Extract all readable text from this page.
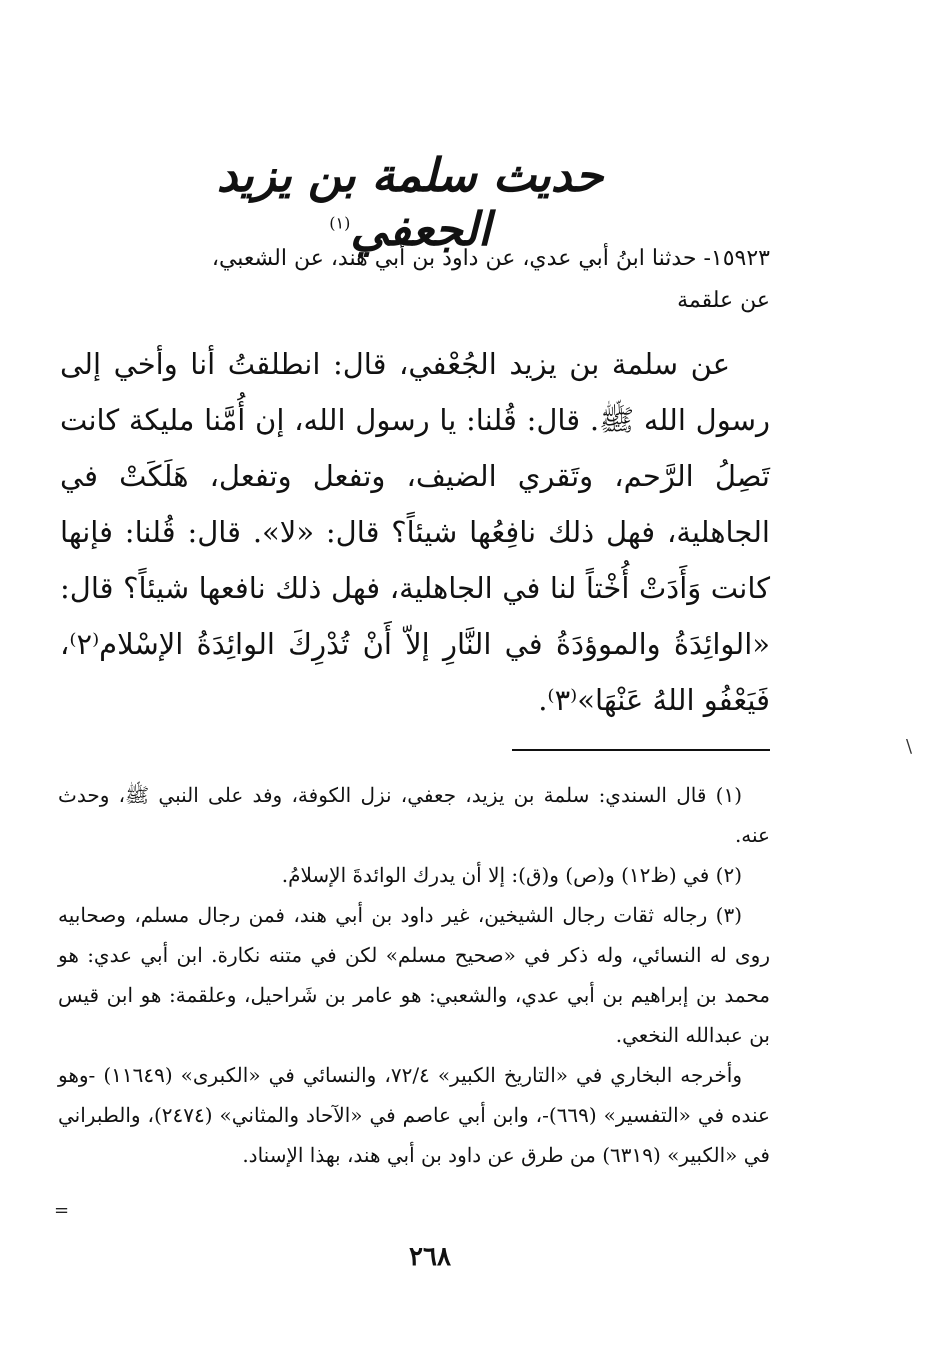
حديث سلمة بن يزيد الجعفي$^{(١)}$
١٥٩٢٣- حدثنا ابنُ أبي عدي، عن داود بن أبي هند، عن الشعبي،
عن علقمة

عن سلمة بن يزيد الجُعْفي، قال: انطلقتُ أنا وأخي إلى رسول الله ﷺ. قال: قُلنا: يا رسول الله، إن أُمَّنا مليكة كانت تَصِلُ الرَّحم، وتَقري الضيف، وتفعل وتفعل، هَلَكَتْ في الجاهلية، فهل ذلك نافِعُها شيئاً؟ قال: «لا». قال: قُلنا: فإنها كانت وَأَدَتْ أُخْتاً لنا في الجاهلية، فهل ذلك نافعها شيئاً؟ قال: «الوائِدَةُ والموؤدَةُ في النَّارِ إلاّ أَنْ تُدْرِكَ الوائِدَةُ الإسْلام⁽٢⁾، فَيَعْفُو اللهُ عَنْهَا»⁽٣⁾.

\

(١) قال السندي: سلمة بن يزيد، جعفي، نزل الكوفة، وفد على النبي ﷺ، وحدث عنه.

(٢) في (ظ١٢) و(ص) و(ق): إلا أن يدرك الوائدةَ الإسلامُ.

(٣) رجاله ثقات رجال الشيخين، غير داود بن أبي هند، فمن رجال مسلم، وصحابيه روى له النسائي، وله ذكر في «صحيح مسلم» لكن في متنه نكارة. ابن أبي عدي: هو محمد بن إبراهيم بن أبي عدي، والشعبي: هو عامر بن شَراحيل، وعلقمة: هو ابن قيس بن عبدالله النخعي.

وأخرجه البخاري في «التاريخ الكبير» ٧٢/٤، والنسائي في «الكبرى» (١١٦٤٩) -وهو عنده في «التفسير» (٦٦٩)-، وابن أبي عاصم في «الآحاد والمثاني» (٢٤٧٤)، والطبراني في «الكبير» (٦٣١٩) من طرق عن داود بن أبي هند، بهذا الإسناد.

=
٢٦٨
